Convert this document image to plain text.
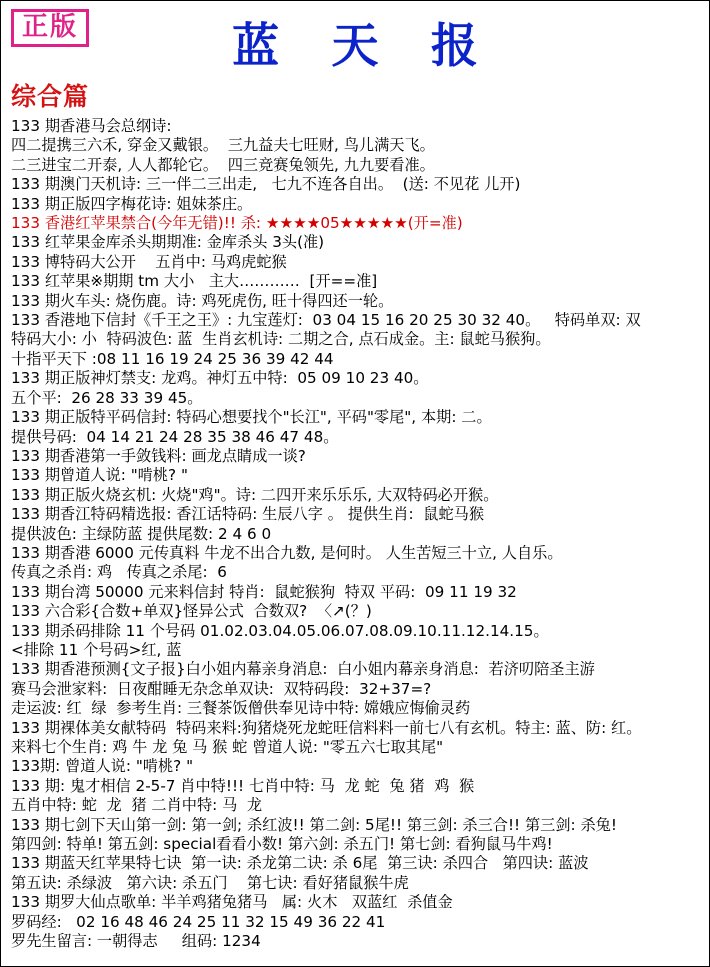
正版	蓝 天 报
综合篇
133 期香港马会总纲诗:
四二提携三六禾, 穿金又戴银。  三九益夫七旺财, 鸟儿满天飞。
二三进宝二开泰, 人人都轮它。  四三竞赛兔领先, 九九要看准。
133 期澳门天机诗: 三一伴二三出走,   七九不连各自出。  (送: 不见花 儿开)
133 期正版四字梅花诗: 姐妹茶庄。
133 香港红苹果禁合(今年无错)!! 杀: ★★★★05★★★★★(开=准)
133 红苹果金库杀头期期准: 金库杀头 3头(准)
133 博特码大公开    五肖中: 马鸡虎蛇猴
133 红苹果※期期 tm 大小   主大…………  [开==准]
133 期火车头: 烧伤鹿。诗: 鸡死虎伤, 旺十得四还一轮。
133 香港地下信封《千王之王》: 九宝莲灯:  03 04 15 16 20 25 30 32 40。   特码单双: 双
特码大小: 小  特码波色: 蓝  生肖玄机诗: 二期之合, 点石成金。主: 鼠蛇马猴狗。
十指平天下 :08 11 16 19 24 25 36 39 42 44
133 期正版神灯禁支: 龙鸡。神灯五中特:  05 09 10 23 40。
五个平:  26 28 33 39 45。
133 期正版特平码信封: 特码心想要找个"长江", 平码"零尾", 本期: 二。
提供号码:  04 14 21 24 28 35 38 46 47 48。
133 期香港第一手敛钱料: 画龙点睛成一谈?
133 期曾道人说: "啃桃? "
133 期正版火烧玄机: 火烧"鸡"。诗: 二四开来乐乐乐, 大双特码必开猴。
133 期香江特码精选报: 香江话特码: 生辰八字 。 提供生肖:  鼠蛇马猴
提供波色: 主绿防蓝 提供尾数: 2 4 6 0
133 期香港 6000 元传真料 牛龙不出合九数, 是何时。 人生苦短三十立, 人自乐。
传真之杀肖: 鸡   传真之杀尾:  6
133 期台湾 50000 元来料信封 特肖:  鼠蛇猴狗  特双 平码:  09 11 19 32
133 六合彩{合数+单双}怪异公式  合数双?  〈↗(？)
133 期杀码排除 11 个号码 01.02.03.04.05.06.07.08.09.10.11.12.14.15。
<排除 11 个号码>红, 蓝
133 期香港预测{文子报}白小姐内幕亲身消息:  白小姐内幕亲身消息:  若济叨陪圣主游
赛马会泄家料:  日夜酣睡无杂念单双诀:  双特码段:  32+37=?
走运波: 红  绿  参考生肖: 三餐茶饭僧供奉见诗中特: 嫦娥应悔偷灵药
133 期裸体美女献特码  特码来料:狗猪烧死龙蛇旺信料料一前七八有玄机。特主: 蓝、防: 红。
来料七个生肖: 鸡 牛 龙 兔 马 猴 蛇 曾道人说: "零五六七取其尾"
133期: 曾道人说: "啃桃? "
133 期: 鬼才相信 2-5-7 肖中特!!! 七肖中特: 马  龙 蛇  兔 猪  鸡  猴
五肖中特: 蛇  龙  猪 二肖中特: 马  龙
133 期七剑下天山第一剑: 第一剑; 杀红波!! 第二剑: 5尾!! 第三剑: 杀三合!! 第三剑: 杀兔!
第四剑: 特单! 第五剑: special看看小数! 第六剑: 杀五门! 第七剑: 看狗鼠马牛鸡!
133 期蓝天红苹果特七诀  第一诀: 杀龙第二诀: 杀 6尾  第三诀: 杀四合   第四诀: 蓝波
第五诀: 杀绿波   第六诀: 杀五门    第七诀: 看好猪鼠猴牛虎
133 期罗大仙点歌单: 半羊鸡猪兔猪马   属: 火木   双蓝红  杀值金
罗码经:   02 16 48 46 24 25 11 32 15 49 36 22 41
罗先生留言: 一朝得志     组码: 1234
